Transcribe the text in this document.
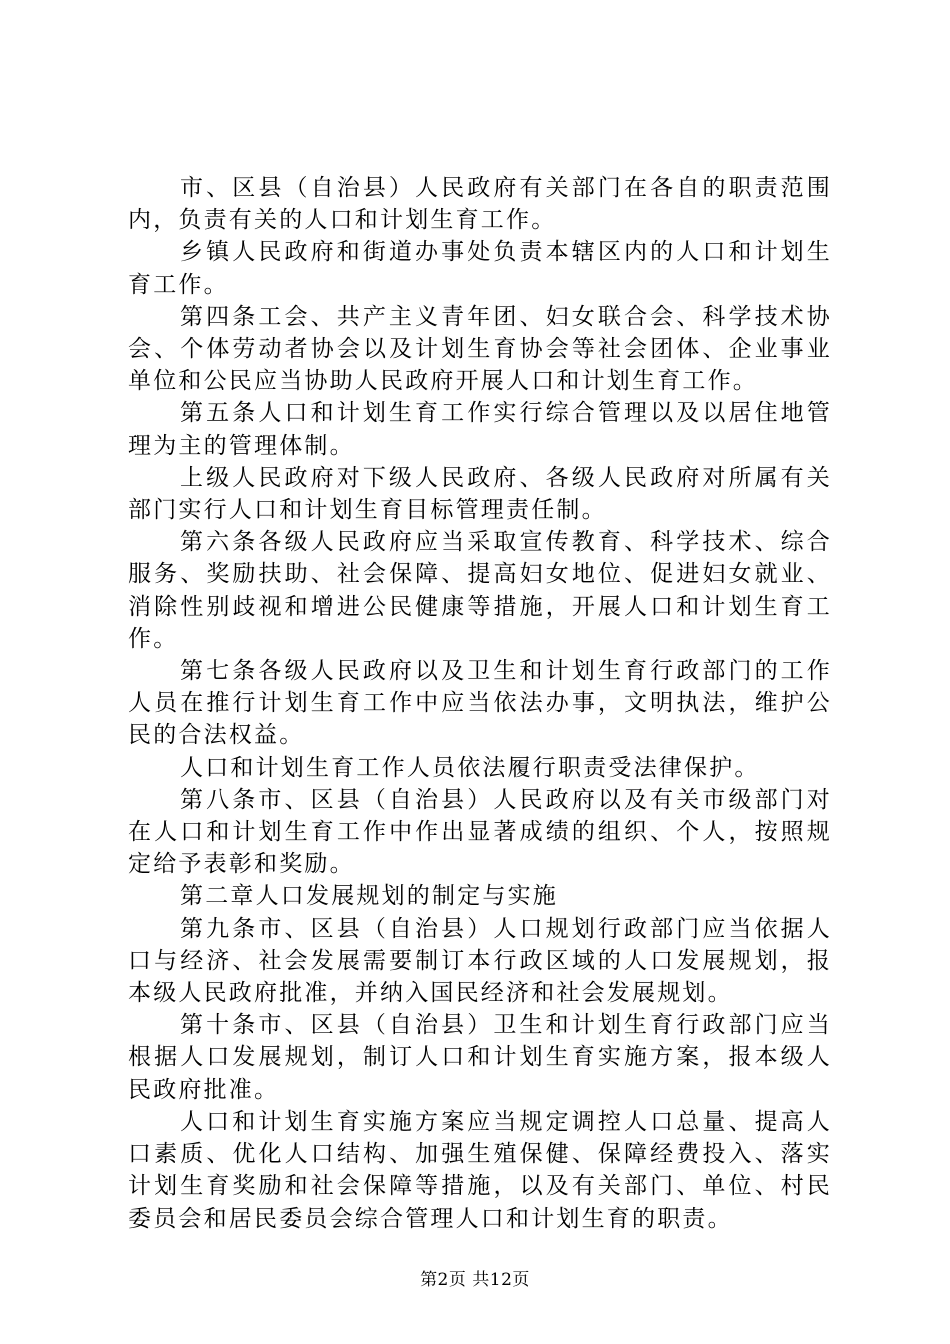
市、区县（自治县）人民政府有关部门在各自的职责范围内，负责有关的人口和计划生育工作。

乡镇人民政府和街道办事处负责本辖区内的人口和计划生育工作。

第四条工会、共产主义青年团、妇女联合会、科学技术协会、个体劳动者协会以及计划生育协会等社会团体、企业事业单位和公民应当协助人民政府开展人口和计划生育工作。

第五条人口和计划生育工作实行综合管理以及以居住地管理为主的管理体制。

上级人民政府对下级人民政府、各级人民政府对所属有关部门实行人口和计划生育目标管理责任制。

第六条各级人民政府应当采取宣传教育、科学技术、综合服务、奖励扶助、社会保障、提高妇女地位、促进妇女就业、消除性别歧视和增进公民健康等措施，开展人口和计划生育工作。

第七条各级人民政府以及卫生和计划生育行政部门的工作人员在推行计划生育工作中应当依法办事，文明执法，维护公民的合法权益。

人口和计划生育工作人员依法履行职责受法律保护。

第八条市、区县（自治县）人民政府以及有关市级部门对在人口和计划生育工作中作出显著成绩的组织、个人，按照规定给予表彰和奖励。

第二章人口发展规划的制定与实施

第九条市、区县（自治县）人口规划行政部门应当依据人口与经济、社会发展需要制订本行政区域的人口发展规划，报本级人民政府批准，并纳入国民经济和社会发展规划。

第十条市、区县（自治县）卫生和计划生育行政部门应当根据人口发展规划，制订人口和计划生育实施方案，报本级人民政府批准。

人口和计划生育实施方案应当规定调控人口总量、提高人口素质、优化人口结构、加强生殖保健、保障经费投入、落实计划生育奖励和社会保障等措施，以及有关部门、单位、村民委员会和居民委员会综合管理人口和计划生育的职责。

第2页 共12页
